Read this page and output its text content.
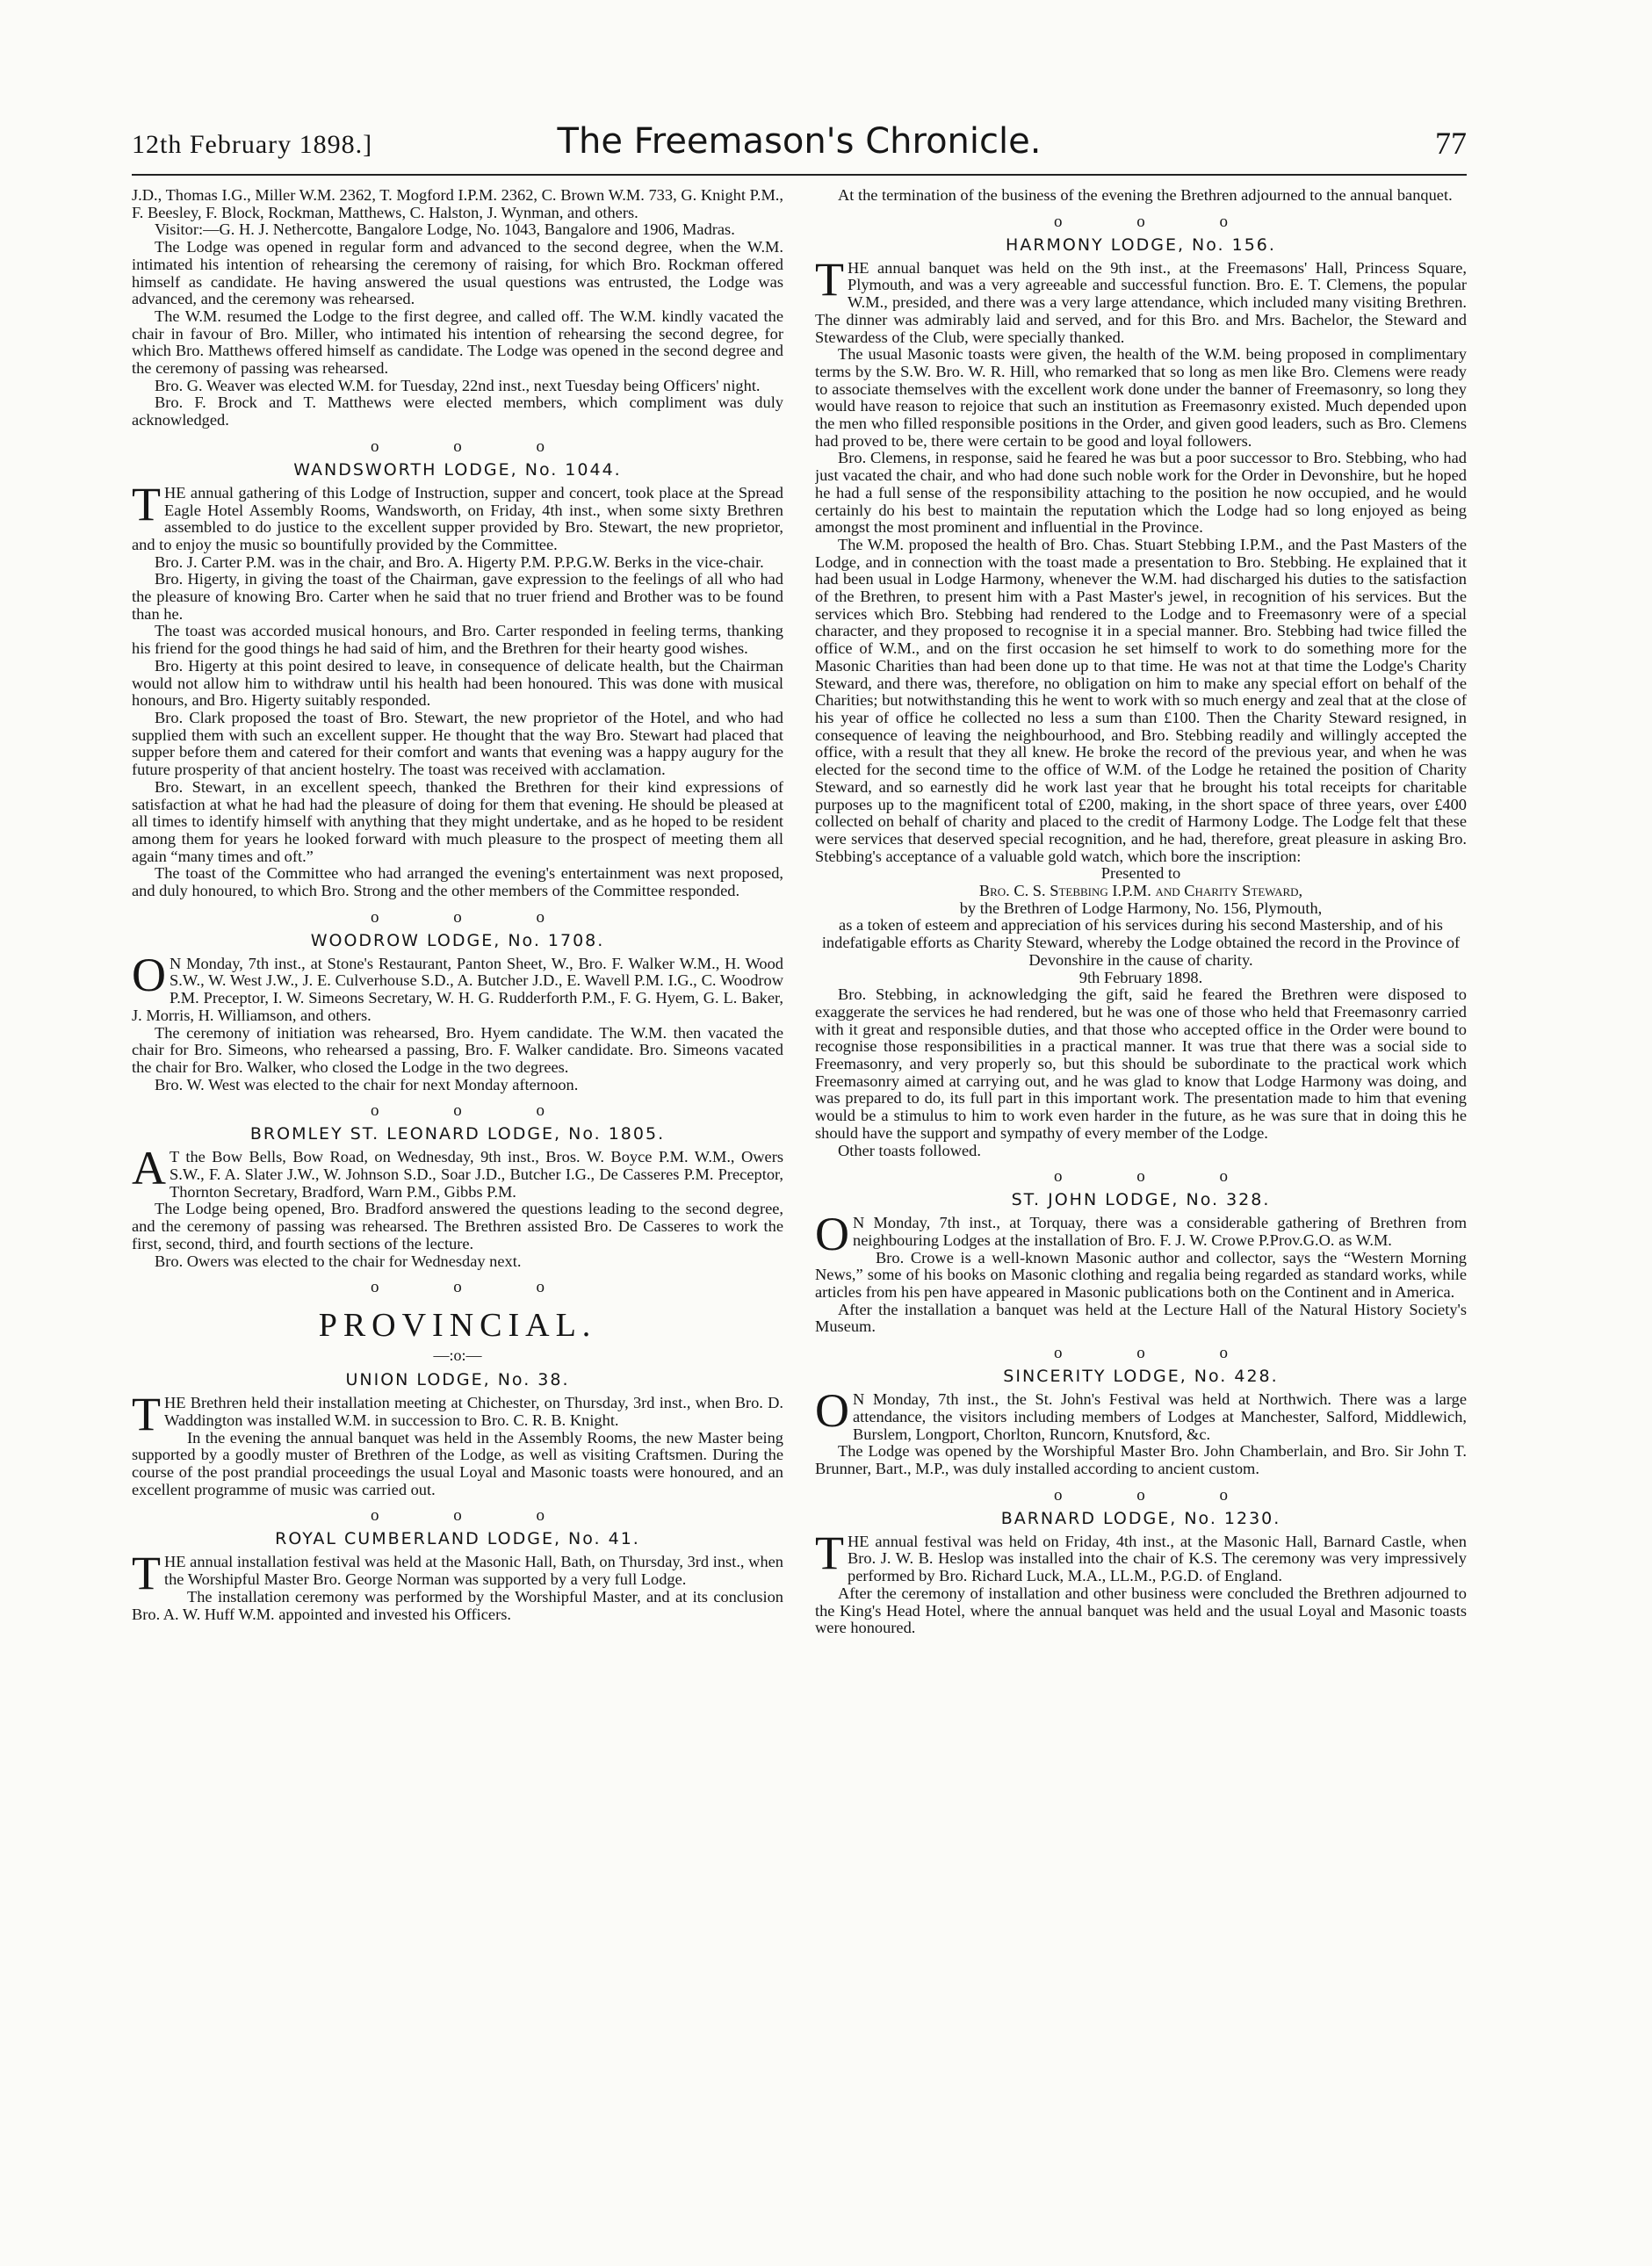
12th February 1898.]	The Freemason's Chronicle.	77

J.D., Thomas I.G., Miller W.M. 2362, T. Mogford I.P.M. 2362, C. Brown W.M. 733, G. Knight P.M., F. Beesley, F. Block, Rockman, Matthews, C. Halston, J. Wynman, and others.

Visitor:—G. H. J. Nethercotte, Bangalore Lodge, No. 1043, Bangalore and 1906, Madras.

The Lodge was opened in regular form and advanced to the second degree, when the W.M. intimated his intention of rehearsing the ceremony of raising, for which Bro. Rockman offered himself as candidate. He having answered the usual questions was entrusted, the Lodge was advanced, and the ceremony was rehearsed.

The W.M. resumed the Lodge to the first degree, and called off. The W.M. kindly vacated the chair in favour of Bro. Miller, who intimated his intention of rehearsing the second degree, for which Bro. Matthews offered himself as candidate. The Lodge was opened in the second degree and the ceremony of passing was rehearsed.

Bro. G. Weaver was elected W.M. for Tuesday, 22nd inst., next Tuesday being Officers' night.

Bro. F. Brock and T. Matthews were elected members, which compliment was duly acknowledged.

o o o
WANDSWORTH LODGE, No. 1044.

THE annual gathering of this Lodge of Instruction, supper and concert, took place at the Spread Eagle Hotel Assembly Rooms, Wandsworth, on Friday, 4th inst., when some sixty Brethren assembled to do justice to the excellent supper provided by Bro. Stewart, the new proprietor, and to enjoy the music so bountifully provided by the Committee.

Bro. J. Carter P.M. was in the chair, and Bro. A. Higerty P.M. P.P.G.W. Berks in the vice-chair.

Bro. Higerty, in giving the toast of the Chairman, gave expression to the feelings of all who had the pleasure of knowing Bro. Carter when he said that no truer friend and Brother was to be found than he.

The toast was accorded musical honours, and Bro. Carter responded in feeling terms, thanking his friend for the good things he had said of him, and the Brethren for their hearty good wishes.

Bro. Higerty at this point desired to leave, in consequence of delicate health, but the Chairman would not allow him to withdraw until his health had been honoured. This was done with musical honours, and Bro. Higerty suitably responded.

Bro. Clark proposed the toast of Bro. Stewart, the new proprietor of the Hotel, and who had supplied them with such an excellent supper. He thought that the way Bro. Stewart had placed that supper before them and catered for their comfort and wants that evening was a happy augury for the future prosperity of that ancient hostelry. The toast was received with acclamation.

Bro. Stewart, in an excellent speech, thanked the Brethren for their kind expressions of satisfaction at what he had had the pleasure of doing for them that evening. He should be pleased at all times to identify himself with anything that they might undertake, and as he hoped to be resident among them for years he looked forward with much pleasure to the prospect of meeting them all again “many times and oft.”

The toast of the Committee who had arranged the evening's entertainment was next proposed, and duly honoured, to which Bro. Strong and the other members of the Committee responded.

o o o
WOODROW LODGE, No. 1708.

ON Monday, 7th inst., at Stone's Restaurant, Panton Sheet, W., Bro. F. Walker W.M., H. Wood S.W., W. West J.W., J. E. Culverhouse S.D., A. Butcher J.D., E. Wavell P.M. I.G., C. Woodrow P.M. Preceptor, I. W. Simeons Secretary, W. H. G. Rudderforth P.M., F. G. Hyem, G. L. Baker, J. Morris, H. Williamson, and others.

The ceremony of initiation was rehearsed, Bro. Hyem candidate. The W.M. then vacated the chair for Bro. Simeons, who rehearsed a passing, Bro. F. Walker candidate. Bro. Simeons vacated the chair for Bro. Walker, who closed the Lodge in the two degrees.

Bro. W. West was elected to the chair for next Monday afternoon.

o o o
BROMLEY ST. LEONARD LODGE, No. 1805.

AT the Bow Bells, Bow Road, on Wednesday, 9th inst., Bros. W. Boyce P.M. W.M., Owers S.W., F. A. Slater J.W., W. Johnson S.D., Soar J.D., Butcher I.G., De Casseres P.M. Preceptor, Thornton Secretary, Bradford, Warn P.M., Gibbs P.M.

The Lodge being opened, Bro. Bradford answered the questions leading to the second degree, and the ceremony of passing was rehearsed. The Brethren assisted Bro. De Casseres to work the first, second, third, and fourth sections of the lecture.

Bro. Owers was elected to the chair for Wednesday next.

o o o
PROVINCIAL.
—:o:—
UNION LODGE, No. 38.

THE Brethren held their installation meeting at Chichester, on Thursday, 3rd inst., when Bro. D. Waddington was installed W.M. in succession to Bro. C. R. B. Knight.

In the evening the annual banquet was held in the Assembly Rooms, the new Master being supported by a goodly muster of Brethren of the Lodge, as well as visiting Craftsmen. During the course of the post prandial proceedings the usual Loyal and Masonic toasts were honoured, and an excellent programme of music was carried out.

o o o
ROYAL CUMBERLAND LODGE, No. 41.

THE annual installation festival was held at the Masonic Hall, Bath, on Thursday, 3rd inst., when the Worshipful Master Bro. George Norman was supported by a very full Lodge.

The installation ceremony was performed by the Worshipful Master, and at its conclusion Bro. A. W. Huff W.M. appointed and invested his Officers.

At the termination of the business of the evening the Brethren adjourned to the annual banquet.

o o o
HARMONY LODGE, No. 156.

THE annual banquet was held on the 9th inst., at the Freemasons' Hall, Princess Square, Plymouth, and was a very agreeable and successful function. Bro. E. T. Clemens, the popular W.M., presided, and there was a very large attendance, which included many visiting Brethren. The dinner was admirably laid and served, and for this Bro. and Mrs. Bachelor, the Steward and Stewardess of the Club, were specially thanked.

The usual Masonic toasts were given, the health of the W.M. being proposed in complimentary terms by the S.W. Bro. W. R. Hill, who remarked that so long as men like Bro. Clemens were ready to associate themselves with the excellent work done under the banner of Freemasonry, so long they would have reason to rejoice that such an institution as Freemasonry existed. Much depended upon the men who filled responsible positions in the Order, and given good leaders, such as Bro. Clemens had proved to be, there were certain to be good and loyal followers.

Bro. Clemens, in response, said he feared he was but a poor successor to Bro. Stebbing, who had just vacated the chair, and who had done such noble work for the Order in Devonshire, but he hoped he had a full sense of the responsibility attaching to the position he now occupied, and he would certainly do his best to maintain the reputation which the Lodge had so long enjoyed as being amongst the most prominent and influential in the Province.

The W.M. proposed the health of Bro. Chas. Stuart Stebbing I.P.M., and the Past Masters of the Lodge, and in connection with the toast made a presentation to Bro. Stebbing. He explained that it had been usual in Lodge Harmony, whenever the W.M. had discharged his duties to the satisfaction of the Brethren, to present him with a Past Master's jewel, in recognition of his services. But the services which Bro. Stebbing had rendered to the Lodge and to Freemasonry were of a special character, and they proposed to recognise it in a special manner. Bro. Stebbing had twice filled the office of W.M., and on the first occasion he set himself to work to do something more for the Masonic Charities than had been done up to that time. He was not at that time the Lodge's Charity Steward, and there was, therefore, no obligation on him to make any special effort on behalf of the Charities; but notwithstanding this he went to work with so much energy and zeal that at the close of his year of office he collected no less a sum than £100. Then the Charity Steward resigned, in consequence of leaving the neighbourhood, and Bro. Stebbing readily and willingly accepted the office, with a result that they all knew. He broke the record of the previous year, and when he was elected for the second time to the office of W.M. of the Lodge he retained the position of Charity Steward, and so earnestly did he work last year that he brought his total receipts for charitable purposes up to the magnificent total of £200, making, in the short space of three years, over £400 collected on behalf of charity and placed to the credit of Harmony Lodge. The Lodge felt that these were services that deserved special recognition, and he had, therefore, great pleasure in asking Bro. Stebbing's acceptance of a valuable gold watch, which bore the inscription:

Presented to

Bro. C. S. Stebbing I.P.M. and Charity Steward,

by the Brethren of Lodge Harmony, No. 156, Plymouth,

as a token of esteem and appreciation of his services during his second Mastership, and of his indefatigable efforts as Charity Steward, whereby the Lodge obtained the record in the Province of Devonshire in the cause of charity.

9th February 1898.

Bro. Stebbing, in acknowledging the gift, said he feared the Brethren were disposed to exaggerate the services he had rendered, but he was one of those who held that Freemasonry carried with it great and responsible duties, and that those who accepted office in the Order were bound to recognise those responsibilities in a practical manner. It was true that there was a social side to Freemasonry, and very properly so, but this should be subordinate to the practical work which Freemasonry aimed at carrying out, and he was glad to know that Lodge Harmony was doing, and was prepared to do, its full part in this important work. The presentation made to him that evening would be a stimulus to him to work even harder in the future, as he was sure that in doing this he should have the support and sympathy of every member of the Lodge.

Other toasts followed.

o o o
ST. JOHN LODGE, No. 328.

ON Monday, 7th inst., at Torquay, there was a considerable gathering of Brethren from neighbouring Lodges at the installation of Bro. F. J. W. Crowe P.Prov.G.O. as W.M.

Bro. Crowe is a well-known Masonic author and collector, says the “Western Morning News,” some of his books on Masonic clothing and regalia being regarded as standard works, while articles from his pen have appeared in Masonic publications both on the Continent and in America.

After the installation a banquet was held at the Lecture Hall of the Natural History Society's Museum.

o o o
SINCERITY LODGE, No. 428.

ON Monday, 7th inst., the St. John's Festival was held at Northwich. There was a large attendance, the visitors including members of Lodges at Manchester, Salford, Middlewich, Burslem, Longport, Chorlton, Runcorn, Knutsford, &c.

The Lodge was opened by the Worshipful Master Bro. John Chamberlain, and Bro. Sir John T. Brunner, Bart., M.P., was duly installed according to ancient custom.

o o o
BARNARD LODGE, No. 1230.

THE annual festival was held on Friday, 4th inst., at the Masonic Hall, Barnard Castle, when Bro. J. W. B. Heslop was installed into the chair of K.S. The ceremony was very impressively performed by Bro. Richard Luck, M.A., LL.M., P.G.D. of England.

After the ceremony of installation and other business were concluded the Brethren adjourned to the King's Head Hotel, where the annual banquet was held and the usual Loyal and Masonic toasts were honoured.
